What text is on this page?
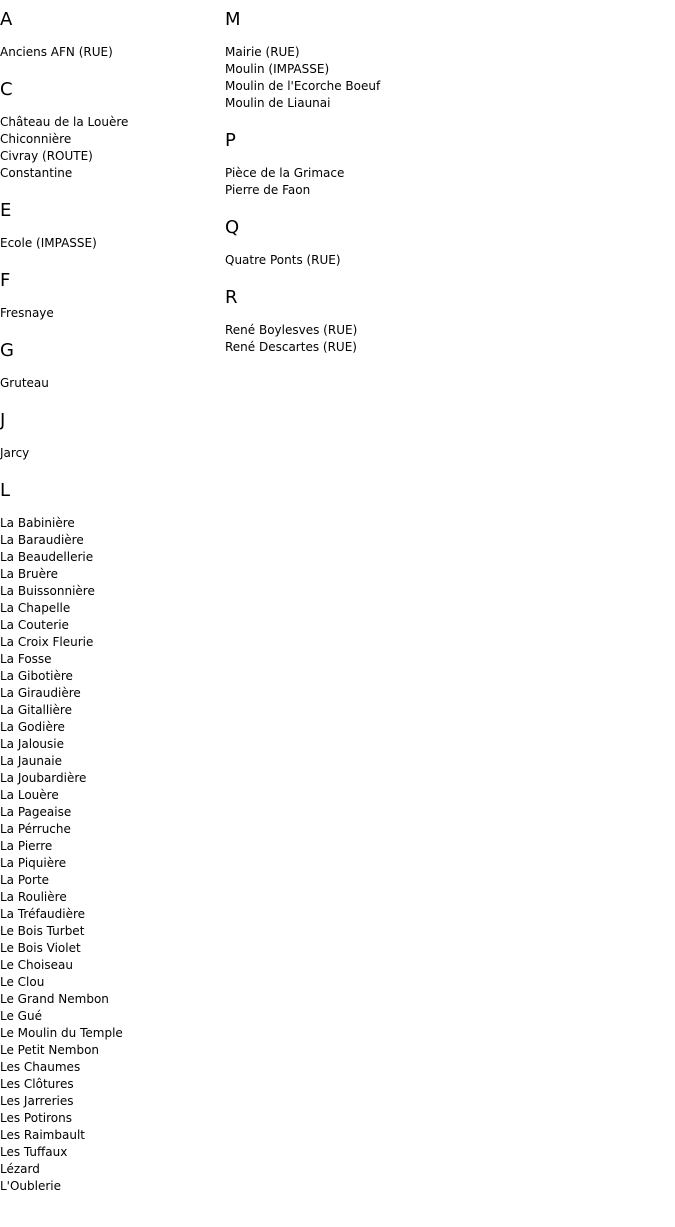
A
Anciens AFN (RUE)
C
Château de la Louère
Chiconnière
Civray (ROUTE)
Constantine
E
Ecole (IMPASSE)
F
Fresnaye
G
Gruteau
J
Jarcy
L
La Babinière
La Baraudière
La Beaudellerie
La Bruère
La Buissonnière
La Chapelle
La Couterie
La Croix Fleurie
La Fosse
La Gibotière
La Giraudière
La Gitallière
La Godière
La Jalousie
La Jaunaie
La Joubardière
La Louère
La Pageaise
La Pérruche
La Pierre
La Piquière
La Porte
La Roulière
La Tréfaudière
Le Bois Turbet
Le Bois Violet
Le Choiseau
Le Clou
Le Grand Nembon
Le Gué
Le Moulin du Temple
Le Petit Nembon
Les Chaumes
Les Clôtures
Les Jarreries
Les Potirons
Les Raimbault
Les Tuffaux
Lézard
L'Oublerie
M
Mairie (RUE)
Moulin (IMPASSE)
Moulin de l'Ecorche Boeuf
Moulin de Liaunai
P
Pièce de la Grimace
Pierre de Faon
Q
Quatre Ponts (RUE)
R
René Boylesves (RUE)
René Descartes (RUE)
